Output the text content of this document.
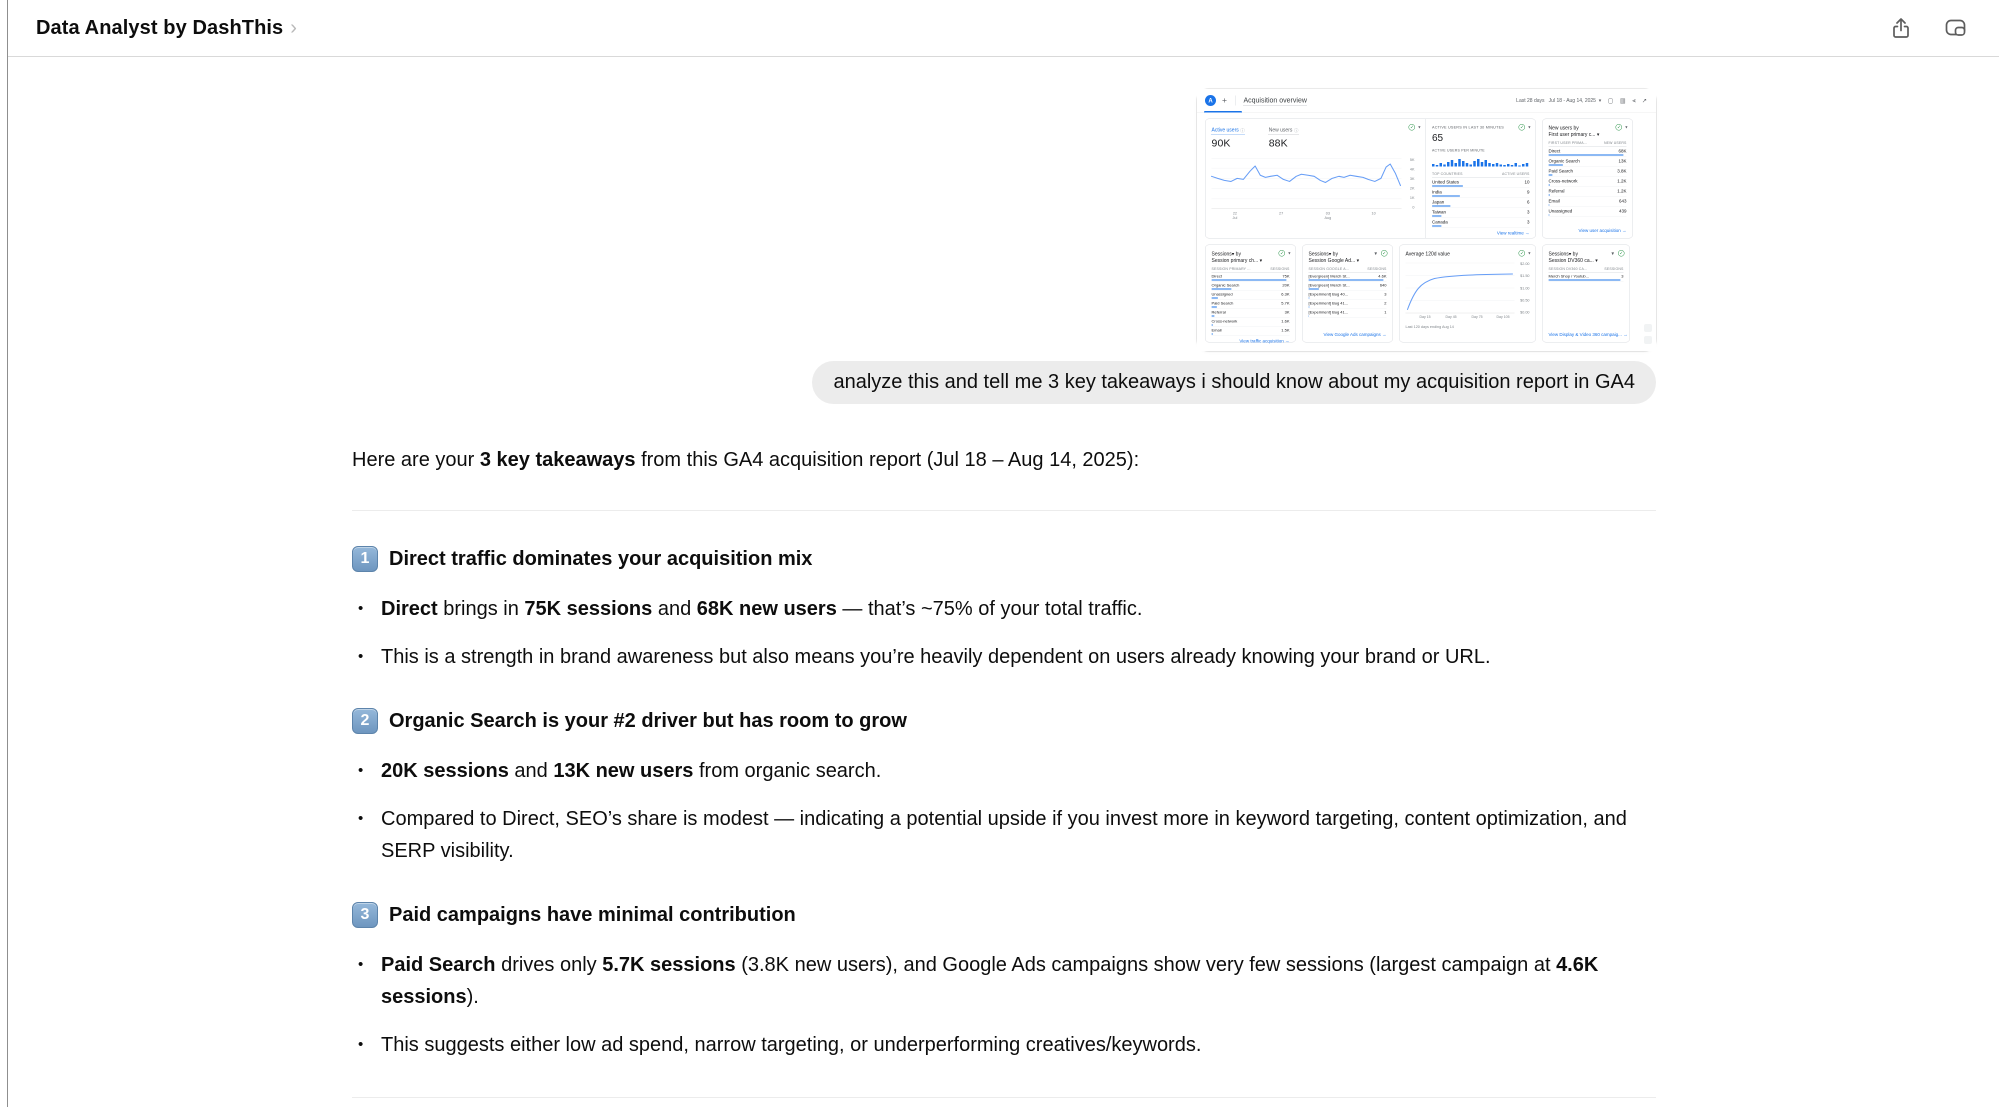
Data Analyst by DashThis ›
A + Acquisition overview	Last 28 days   Jul 18 - Aug 14, 2025  ▾ ▢ ▥ ⪡ ↗
✓ ▾
Active users ⓘ
90K
New users ⓘ
88K
5K
4K
3K
2K
1K
0
22
Jul
27	03
Aug
10
✓ ▾
ACTIVE USERS IN LAST 30 MINUTES
65
ACTIVE USERS PER MINUTE
TOP COUNTRIES	ACTIVE USERS
United States	10
India	9
Japan	6
Taiwan	3
Canada	3
View realtime →
✓ ▾
New users by
First user primary c... ▾
FIRST USER PRIMA... NEW USERS
Direct	68K
Organic Search	13K
Paid Search	3.8K
Cross-network	1.2K
Referral	1.2K
Email	643
Unassigned	439
View user acquisition →
✓ ▾
Sessions▾ by
Session primary ch... ▾
SESSION PRIMARY ...	SESSIONS
Direct	75K
Organic Search	20K
Unassigned	6.3K
Paid Search	5.7K
Referral	3K
Cross-network	1.6K
Email	1.5K
View traffic acquisition →
▼ ✓
Sessions▾ by
Session Google Ad... ▾
SESSION GOOGLE A...	SESSIONS
[Evergreen] Merch St...	4.6K
[Evergreen] Merch St...	640
[Experiment] Bug 40...	3
[Experiment] Bug 41...	2
[Experiment] Bug 41...	1
View Google Ads campaigns →
✓ ▾
Average 120d value
$2.00
$1.50
$1.00
$0.50
$0.00
Day 15 Day 45 Day 75 Day 105
Last 120 days ending Aug 14
▼ ✓
Sessions▾ by
Session DV360 ca... ▾
SESSION DV360 CA... SESSIONS
Merch Shop / Youtub...	3
View Display & Video 360 campaig... →
analyze this and tell me 3 key takeaways i should know about my acquisition report in GA4

Here are your 3 key takeaways from this GA4 acquisition report (Jul 18 – Aug 14, 2025):

1 Direct traffic dominates your acquisition mix
• Direct brings in 75K sessions and 68K new users — that’s ~75% of your total traffic.
• This is a strength in brand awareness but also means you’re heavily dependent on users already knowing your brand or URL.
2 Organic Search is your #2 driver but has room to grow
• 20K sessions and 13K new users from organic search.
• Compared to Direct, SEO’s share is modest — indicating a potential upside if you invest more in keyword targeting, content optimization, and SERP visibility.
3 Paid campaigns have minimal contribution
• Paid Search drives only 5.7K sessions (3.8K new users), and Google Ads campaigns show very few sessions (largest campaign at 4.6K sessions).
• This suggests either low ad spend, narrow targeting, or underperforming creatives/keywords.
